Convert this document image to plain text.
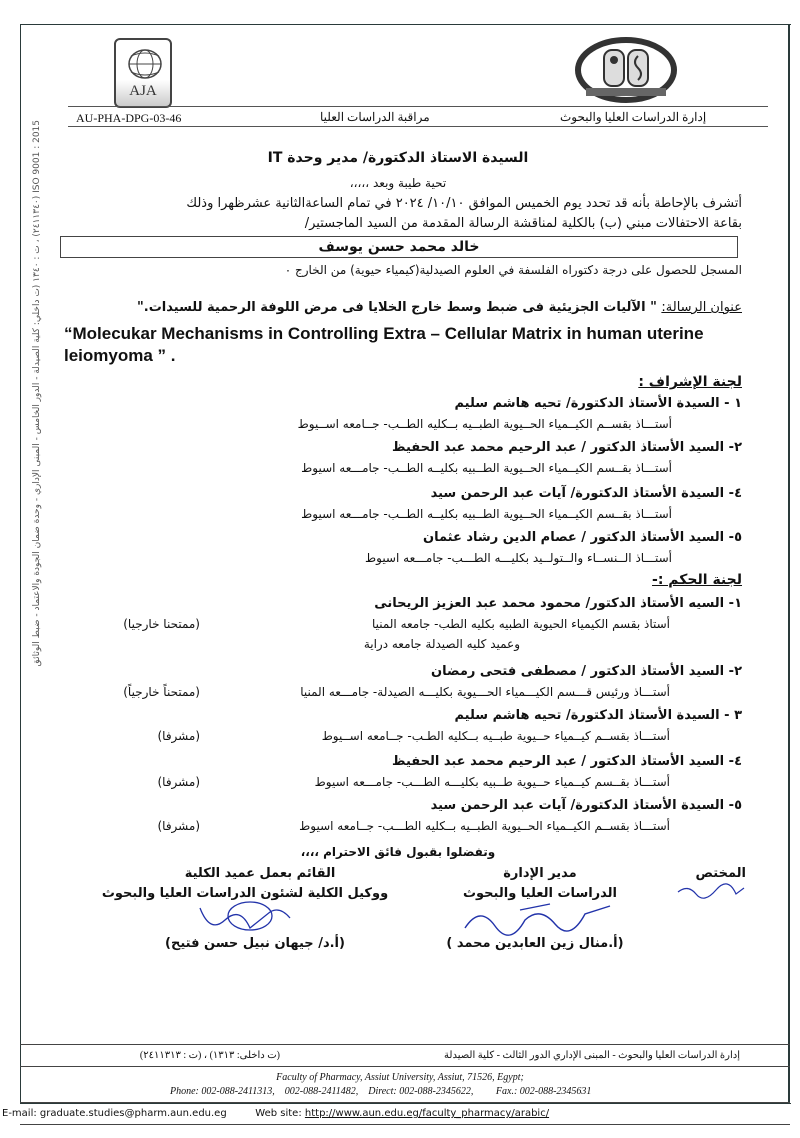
AJA
AU-PHA-DPG-03-46	مراقبة الدراسات العليا	إدارة الدراسات العليا والبحوث
ISO 9001 : 2015 (٢٤١١٣٤٠) ، ت : ١٣٤٠ (ت داخلي: كلية الصيدلة - الدور الخامس - المبنى الإداري - وحدة ضمان الجودة والاعتماد - ضبط الوثائق	السيدة الاستاذ الدكتورة/ مدير وحدة IT
تحية طيبة وبعد ،،،،،
أتشرف بالإحاطة بأنه قد تحدد يوم الخميس الموافق ١٠/١٠/ ٢٠٢٤ في تمام الساعةالثانية عشرظهرا وذلك
بقاعة الاحتفالات مبني (ب) بالكلية لمناقشة الرسالة المقدمة من السيد الماجستير/
خالد محمد حسن يوسف
المسجل للحصول على درجة دكتوراه الفلسفة في العلوم الصيدلية(كيمياء حيوية) من الخارج ٠
عنوان الرسالة: " الآليات الجزيئية فى ضبط وسط خارج الخلايا فى مرض اللوفة الرحمية للسيدات."
“Molecukar Mechanisms in Controlling Extra – Cellular Matrix in human uterine
leiomyoma ” .
لجنة الإشراف :
لجنة الحكم :-
وتفضلوا بقبول فائق الاحترام ،،،،
المختص
مدير الإدارة
الدراسات العليا والبحوث
(أ.منال زين العابدين محمد )
القائم بعمل عميد الكلية
ووكيل الكلية لشئون الدراسات العليا والبحوث
(أ.د/ جيهان نبيل حسن فتيح)
إدارة الدراسات العليا والبحوث - المبنى الإداري الدور الثالث - كلية الصيدلة
(ت داخلى: ١٣١٣) ، (ت : ٢٤١١٣١٣)
Faculty of Pharmacy, Assiut University, Assiut, 71526, Egypt;
Phone: 002-088-2411313, 002-088-2411482, Direct: 002-088-2345622, Fax.: 002-088-2345631
E-mail: graduate.studies@pharm.aun.edu.eg	Web site: http://www.aun.edu.eg/faculty_pharmacy/arabic/
١ - السيدة الأستاذ الدكتورة/ تحيه هاشم سليم
أستـــاذ بقســم الكيــمياء الحــيوية الطبــيه بــكليه الطــب- جــامعه اســيوط
٢- السيد الأستاذ الدكتور / عبد الرحيم محمد عبد الحفيظ
أستـــاذ بقــسم الكيــمياء الحــيوية الطــبيه بكليــه الطــب- جامـــعه اسيوط
٤- السيدة الأستاذ الدكتورة/ آيات عبد الرحمن سيد
أستـــاذ بقــسم الكيــمياء الحــيوية الطــبيه بكليــه الطــب- جامـــعه اسيوط
٥- السيد الأستاذ الدكتور / عصام الدين رشاد عثمان
أستـــاذ الــنســاء والــتولــيد بكليـــه الطـــب- جامـــعه اسيوط
١- السيه الأستاذ الدكتور/ محمود محمد عبد العزيز الريحانى
أستاذ بقسم الكيمياء الحيوية الطبيه بكليه الطب- جامعه المنيا
وعميد كليه الصيدلة جامعه دراية
(ممتحنا خارجيا)
٢- السيد الأستاذ الدكتور / مصطفى فتحى رمضان
أستـــاذ ورئيس قـــسم الكيـــمياء الحـــيوية بكليـــه الصيدلة- جامـــعه المنيا
(ممتحناً خارجياً)
٣ - السيدة الأستاذ الدكتورة/ تحيه هاشم سليم
أستـــاذ بقســم كيــمياء حــيوية طبــيه بــكليه الطـب- جــامعه اســيوط
(مشرفا)
٤- السيد الأستاذ الدكتور / عبد الرحيم محمد عبد الحفيظ
أستـــاذ بقــسم كيــمياء حــيوية طــبيه بكليـــه الطـــب- جامـــعه اسيوط
(مشرفا)
٥- السيدة الأستاذ الدكتورة/ آيات عبد الرحمن سيد
أستـــاذ بقســم الكيــمياء الحــيوية الطبــيه بــكليه الطـــب- جــامعه اسيوط
(مشرفا)
